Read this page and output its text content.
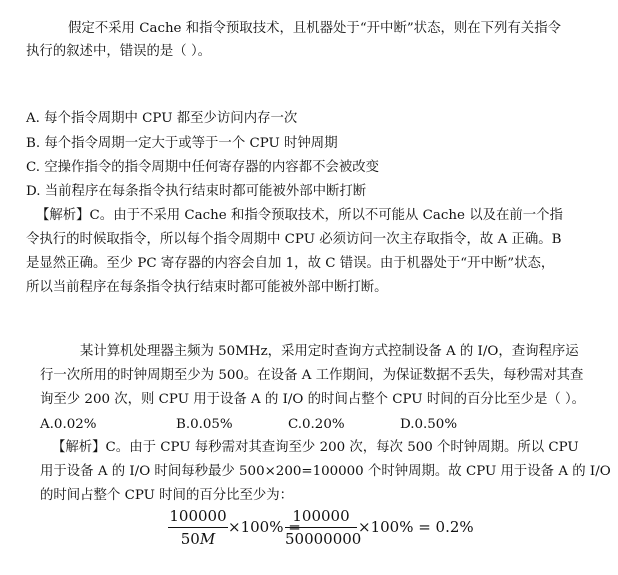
假定不采用 Cache 和指令预取技术，且机器处于“开中断”状态，则在下列有关指令
执行的叙述中，错误的是（ ）。
A. 每个指令周期中 CPU 都至少访问内存一次
B. 每个指令周期一定大于或等于一个 CPU 时钟周期
C. 空操作指令的指令周期中任何寄存器的内容都不会被改变
D. 当前程序在每条指令执行结束时都可能被外部中断打断
【解析】C。由于不采用 Cache 和指令预取技术，所以不可能从 Cache 以及在前一个指
令执行的时候取指令，所以每个指令周期中 CPU 必须访问一次主存取指令，故 A 正确。B
是显然正确。至少 PC 寄存器的内容会自加 1，故 C 错误。由于机器处于“开中断”状态，
所以当前程序在每条指令执行结束时都可能被外部中断打断。
某计算机处理器主频为 50MHz，采用定时查询方式控制设备 A 的 I/O，查询程序运
行一次所用的时钟周期至少为 500。在设备 A 工作期间，为保证数据不丢失，每秒需对其查
询至少 200 次，则 CPU 用于设备 A 的 I/O 的时间占整个 CPU 时间的百分比至少是（ ）。
A.0.02%	B.0.05%	C.0.20%	D.0.50%
【解析】C。由于 CPU 每秒需对其查询至少 200 次，每次 500 个时钟周期。所以 CPU
用于设备 A 的 I/O 时间每秒最少 500×200=100000 个时钟周期。故 CPU 用于设备 A 的 I/O
的时间占整个 CPU 时间的百分比至少为：
100000
50M
×100% =
100000
50000000
×100% = 0.2%
